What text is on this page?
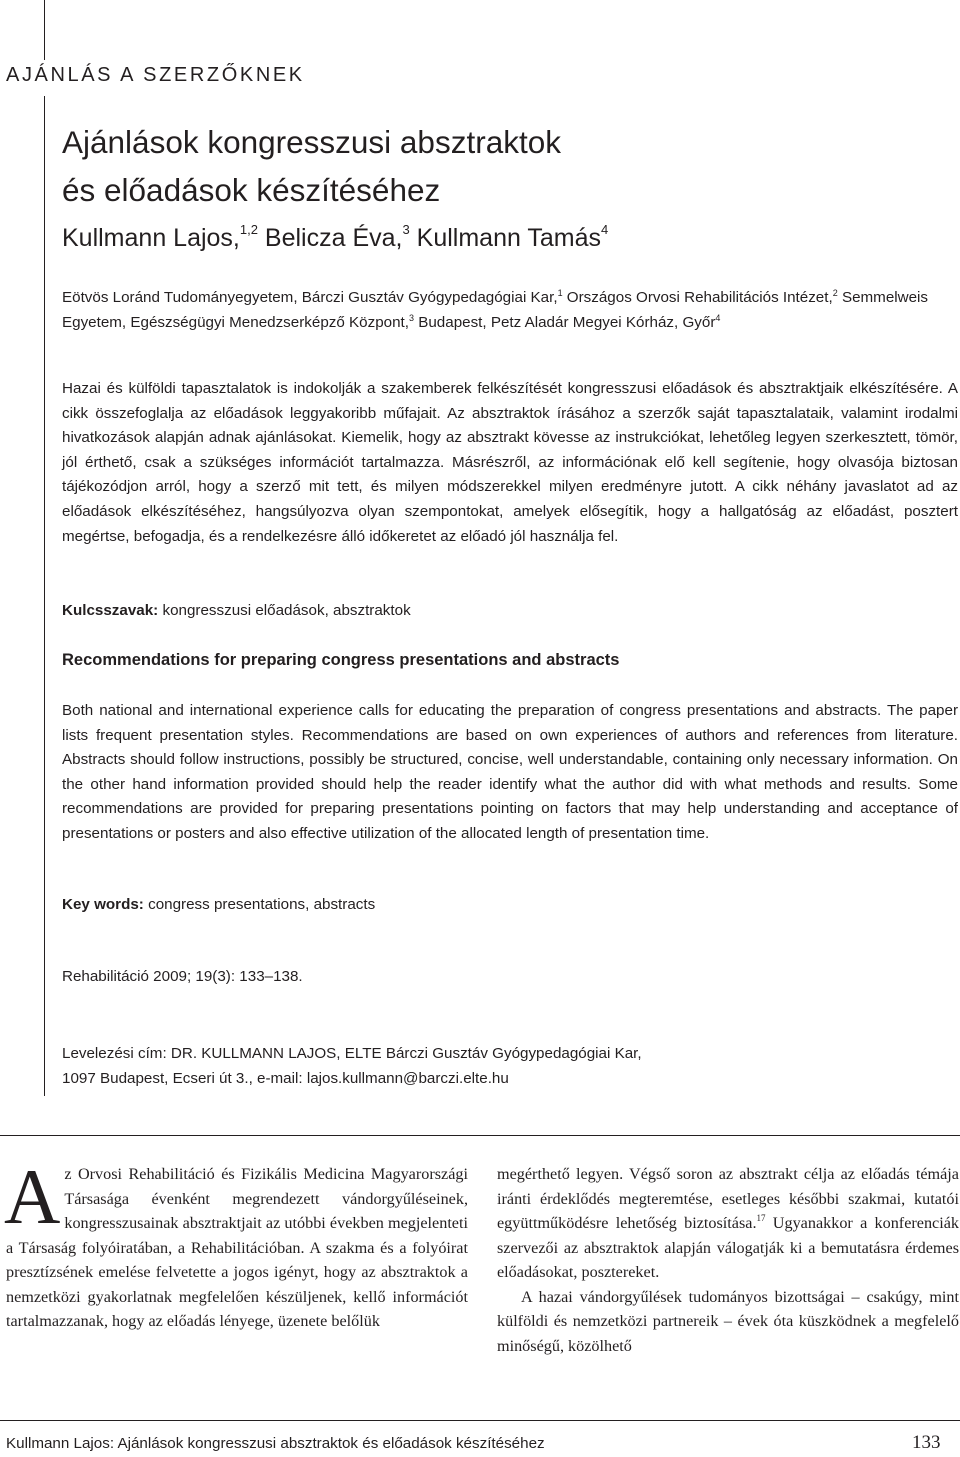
AJÁNLÁS A SZERZŐKNEK
Ajánlások kongresszusi absztraktok
és előadások készítéséhez
Kullmann Lajos,$^{1,2}$ Belicza Éva,$^3$ Kullmann Tamás$^4$
Eötvös Loránd Tudományegyetem, Bárczi Gusztáv Gyógypedagógiai Kar,$^1$ Országos Orvosi Rehabilitációs Intézet,$^2$ Semmelweis Egyetem, Egészségügyi Menedzserképző Központ,$^3$ Budapest, Petz Aladár Megyei Kórház, Győr$^4$
Hazai és külföldi tapasztalatok is indokolják a szakemberek felkészítését kongresszusi előadások és absztraktjaik elkészítésére. A cikk összefoglalja az előadások leggyakoribb műfajait. Az absztraktok írásához a szerzők saját tapasztalataik, valamint irodalmi hivatkozások alapján adnak ajánlásokat. Kiemelik, hogy az absztrakt kövesse az instrukciókat, lehetőleg legyen szerkesztett, tömör, jól érthető, csak a szükséges információt tartalmazza. Másrészről, az információnak elő kell segítenie, hogy olvasója biztosan tájékozódjon arról, hogy a szerző mit tett, és milyen módszerekkel milyen eredményre jutott. A cikk néhány javaslatot ad az előadások elkészítéséhez, hangsúlyozva olyan szempontokat, amelyek elősegítik, hogy a hallgatóság az előadást, posztert megértse, befogadja, és a rendelkezésre álló időkeretet az előadó jól használja fel.
Kulcsszavak: kongresszusi előadások, absztraktok
Recommendations for preparing congress presentations and abstracts
Both national and international experience calls for educating the preparation of congress presentations and abstracts. The paper lists frequent presentation styles. Recommendations are based on own experiences of authors and references from literature. Abstracts should follow instructions, possibly be structured, concise, well understandable, containing only necessary information. On the other hand information provided should help the reader identify what the author did with what methods and results. Some recommendations are provided for preparing presentations pointing on factors that may help understanding and acceptance of presentations or posters and also effective utilization of the allocated length of presentation time.
Key words: congress presentations, abstracts
Rehabilitáció 2009; 19(3): 133–138.
Levelezési cím: DR. KULLMANN LAJOS, ELTE Bárczi Gusztáv Gyógypedagógiai Kar,
1097 Budapest, Ecseri út 3., e-mail: lajos.kullmann@barczi.elte.hu

Az Orvosi Rehabilitáció és Fizikális Medicina Magyarországi Társasága évenként megrendezett vándorgyűléseinek, kongresszusainak absztraktjait az utóbbi években megjelenteti a Társaság folyóiratában, a Rehabilitációban. A szakma és a folyóirat presztízsének emelése felvetette a jogos igényt, hogy az absztraktok a nemzetközi gyakorlatnak megfelelően készüljenek, kellő információt tartalmazzanak, hogy az előadás lényege, üzenete belőlük

megérthető legyen. Végső soron az absztrakt célja az előadás témája iránti érdeklődés megteremtése, esetleges későbbi szakmai, kutatói együttműködésre lehetőség biztosítása.$^{17}$ Ugyanakkor a konferenciák szervezői az absztraktok alapján válogatják ki a bemutatásra érdemes előadásokat, posztereket.

A hazai vándorgyűlések tudományos bizottságai – csakúgy, mint külföldi és nemzetközi partnereik – évek óta küszködnek a megfelelő minőségű, közölhető

Kullmann Lajos: Ajánlások kongresszusi absztraktok és előadások készítéséhez	133
